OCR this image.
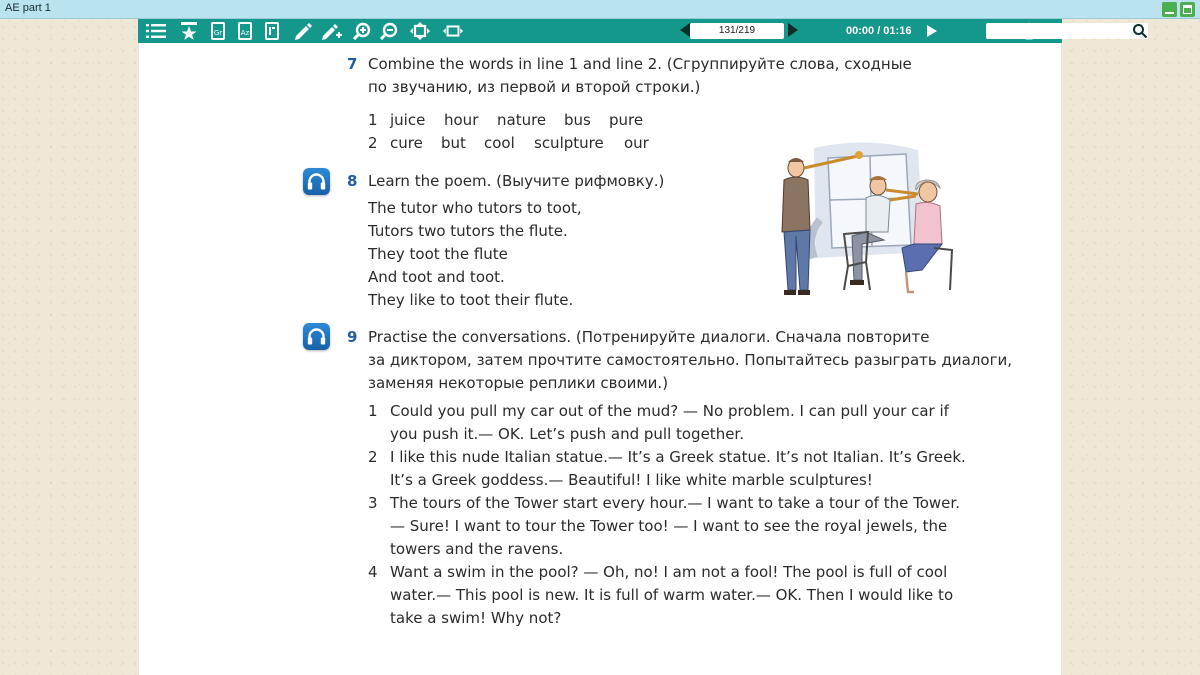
AE part 1
Gr	Az	131/219	00:00 / 01:16
7 Combine the words in line 1 and line 2. (Сгруппируйте слова, сходные
по звучанию, из первой и второй строки.)
1 juice hour nature bus pure
2 cure but cool sculpture our
8 Learn the poem. (Выучите рифмовку.)
The tutor who tutors to toot,
Tutors two tutors the flute.
They toot the flute
And toot and toot.
They like to toot their flute.
9 Practise the conversations. (Потренируйте диалоги. Сначала повторите
за диктором, затем прочтите самостоятельно. Попытайтесь разыграть диалоги,
заменяя некоторые реплики своими.)
1 Could you pull my car out of the mud? — No problem. I can pull your car if
you push it.— OK. Let’s push and pull together.
2 I like this nude Italian statue.— It’s a Greek statue. It’s not Italian. It’s Greek.
It’s a Greek goddess.— Beautiful! I like white marble sculptures!
3 The tours of the Tower start every hour.— I want to take a tour of the Tower.
— Sure! I want to tour the Tower too! — I want to see the royal jewels, the
towers and the ravens.
4 Want a swim in the pool? — Oh, no! I am not a fool! The pool is full of cool
water.— This pool is new. It is full of warm water.— OK. Then I would like to
take a swim! Why not?
